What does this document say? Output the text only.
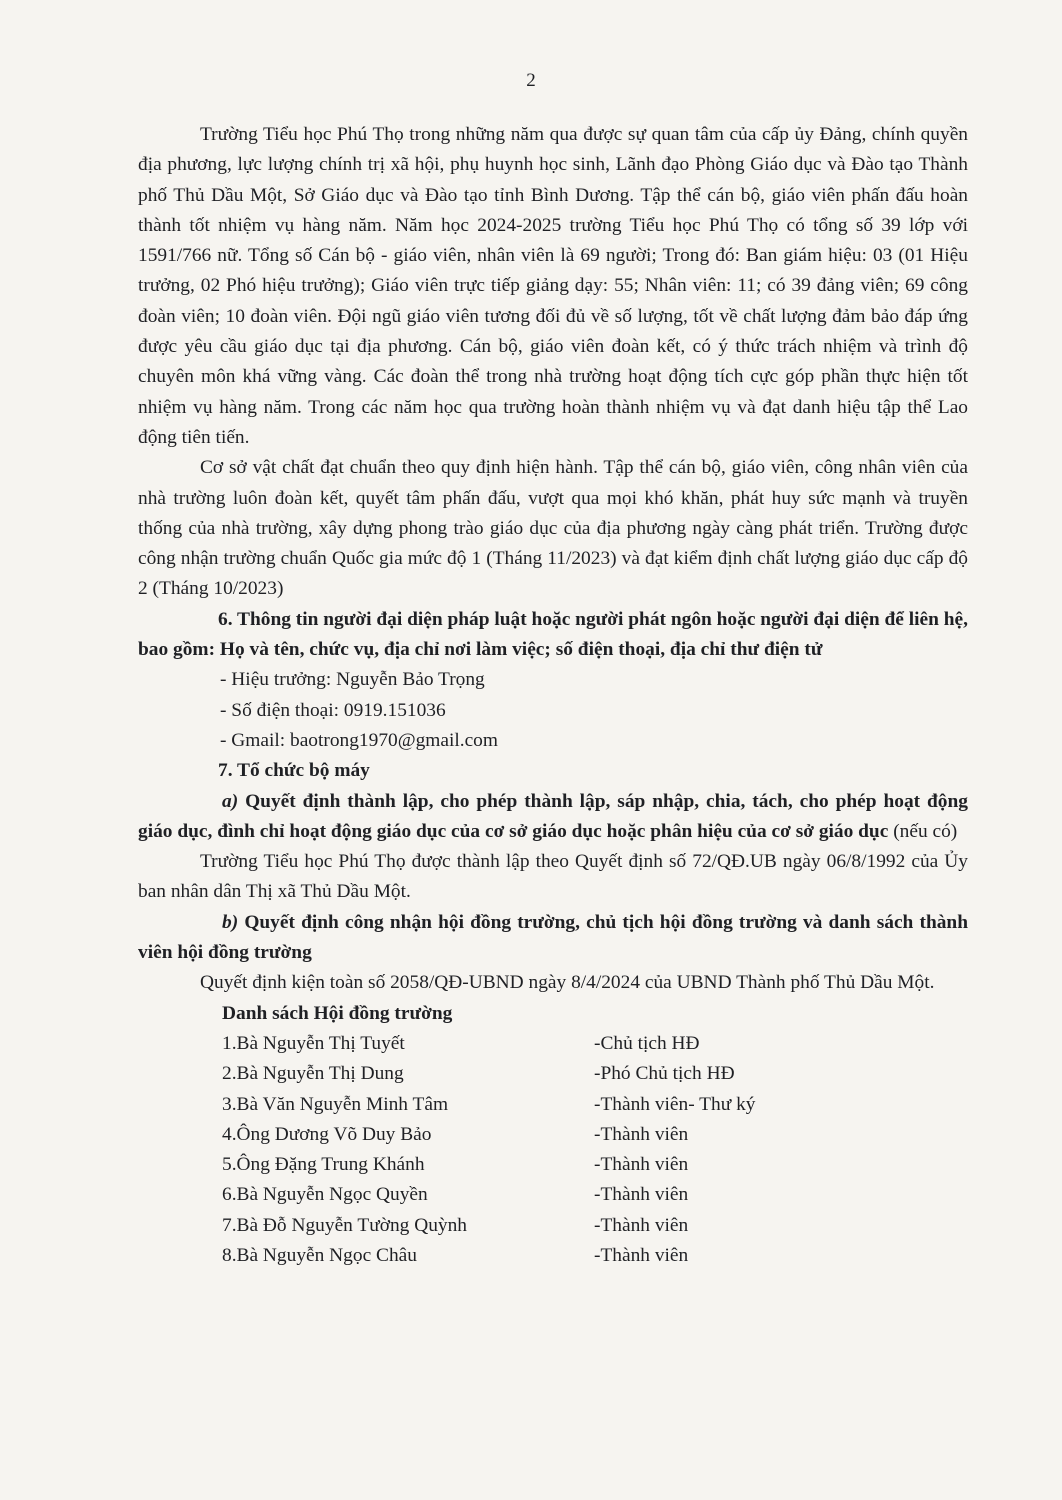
2

Trường Tiểu học Phú Thọ trong những năm qua được sự quan tâm của cấp ủy Đảng, chính quyền địa phương, lực lượng chính trị xã hội, phụ huynh học sinh, Lãnh đạo Phòng Giáo dục và Đào tạo Thành phố Thủ Dầu Một, Sở Giáo dục và Đào tạo tỉnh Bình Dương. Tập thể cán bộ, giáo viên phấn đấu hoàn thành tốt nhiệm vụ hàng năm. Năm học 2024-2025 trường Tiểu học Phú Thọ có tổng số 39 lớp với 1591/766 nữ. Tổng số Cán bộ - giáo viên, nhân viên là 69 người; Trong đó: Ban giám hiệu: 03 (01 Hiệu trưởng, 02 Phó hiệu trưởng); Giáo viên trực tiếp giảng dạy: 55; Nhân viên: 11; có 39 đảng viên; 69 công đoàn viên; 10 đoàn viên. Đội ngũ giáo viên tương đối đủ về số lượng, tốt về chất lượng đảm bảo đáp ứng được yêu cầu giáo dục tại địa phương. Cán bộ, giáo viên đoàn kết, có ý thức trách nhiệm và trình độ chuyên môn khá vững vàng. Các đoàn thể trong nhà trường hoạt động tích cực góp phần thực hiện tốt nhiệm vụ hàng năm. Trong các năm học qua trường hoàn thành nhiệm vụ và đạt danh hiệu tập thể Lao động tiên tiến.

Cơ sở vật chất đạt chuẩn theo quy định hiện hành. Tập thể cán bộ, giáo viên, công nhân viên của nhà trường luôn đoàn kết, quyết tâm phấn đấu, vượt qua mọi khó khăn, phát huy sức mạnh và truyền thống của nhà trường, xây dựng phong trào giáo dục của địa phương ngày càng phát triển. Trường được công nhận trường chuẩn Quốc gia mức độ 1 (Tháng 11/2023) và đạt kiểm định chất lượng giáo dục cấp độ 2 (Tháng 10/2023)

6. Thông tin người đại diện pháp luật hoặc người phát ngôn hoặc người đại diện để liên hệ, bao gồm: Họ và tên, chức vụ, địa chỉ nơi làm việc; số điện thoại, địa chỉ thư điện tử

- Hiệu trưởng: Nguyễn Bảo Trọng
- Số điện thoại: 0919.151036
- Gmail: baotrong1970@gmail.com

7. Tổ chức bộ máy

a) Quyết định thành lập, cho phép thành lập, sáp nhập, chia, tách, cho phép hoạt động giáo dục, đình chỉ hoạt động giáo dục của cơ sở giáo dục hoặc phân hiệu của cơ sở giáo dục (nếu có)

Trường Tiểu học Phú Thọ được thành lập theo Quyết định số 72/QĐ.UB ngày 06/8/1992 của Ủy ban nhân dân Thị xã Thủ Dầu Một.

b) Quyết định công nhận hội đồng trường, chủ tịch hội đồng trường và danh sách thành viên hội đồng trường

Quyết định kiện toàn số 2058/QĐ-UBND ngày 8/4/2024 của UBND Thành phố Thủ Dầu Một.

Danh sách Hội đồng trường

1.Bà Nguyễn Thị Tuyết	-Chủ tịch HĐ
2.Bà Nguyễn Thị Dung	-Phó Chủ tịch HĐ
3.Bà Văn Nguyễn Minh Tâm	-Thành viên- Thư ký
4.Ông Dương Võ Duy Bảo	-Thành viên
5.Ông Đặng Trung Khánh	-Thành viên
6.Bà Nguyễn Ngọc Quyền	-Thành viên
7.Bà Đỗ Nguyễn Tường Quỳnh	-Thành viên
8.Bà Nguyễn Ngọc Châu	-Thành viên
